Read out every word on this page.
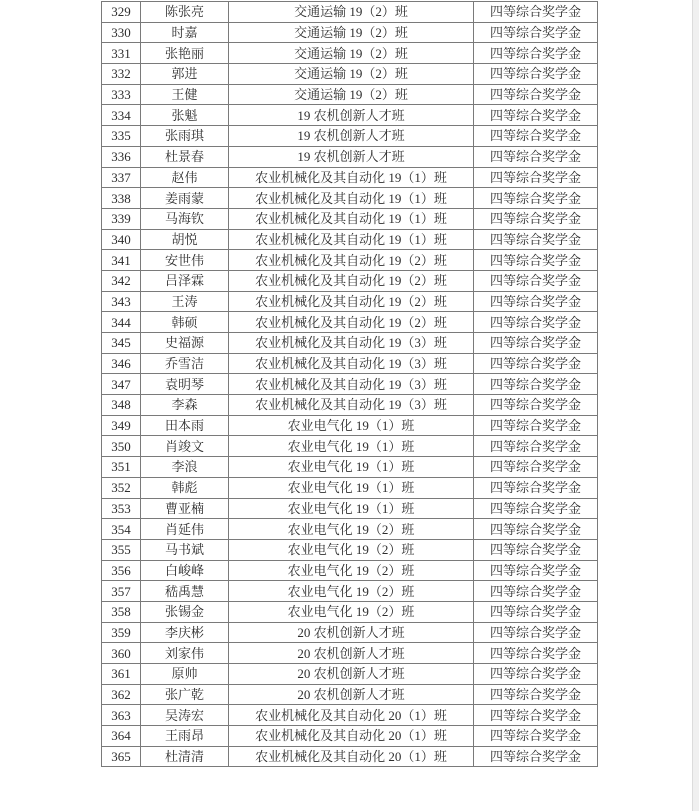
329	陈张亮	交通运输 19（2）班	四等综合奖学金
330	时嘉	交通运输 19（2）班	四等综合奖学金
331	张艳丽	交通运输 19（2）班	四等综合奖学金
332	郭进	交通运输 19（2）班	四等综合奖学金
333	王健	交通运输 19（2）班	四等综合奖学金
334	张魁	19 农机创新人才班	四等综合奖学金
335	张雨琪	19 农机创新人才班	四等综合奖学金
336	杜景春	19 农机创新人才班	四等综合奖学金
337	赵伟	农业机械化及其自动化 19（1）班	四等综合奖学金
338	姜雨蒙	农业机械化及其自动化 19（1）班	四等综合奖学金
339	马海钦	农业机械化及其自动化 19（1）班	四等综合奖学金
340	胡悦	农业机械化及其自动化 19（1）班	四等综合奖学金
341	安世伟	农业机械化及其自动化 19（2）班	四等综合奖学金
342	吕泽霖	农业机械化及其自动化 19（2）班	四等综合奖学金
343	王涛	农业机械化及其自动化 19（2）班	四等综合奖学金
344	韩硕	农业机械化及其自动化 19（2）班	四等综合奖学金
345	史福源	农业机械化及其自动化 19（3）班	四等综合奖学金
346	乔雪洁	农业机械化及其自动化 19（3）班	四等综合奖学金
347	袁明琴	农业机械化及其自动化 19（3）班	四等综合奖学金
348	李森	农业机械化及其自动化 19（3）班	四等综合奖学金
349	田本雨	农业电气化 19（1）班	四等综合奖学金
350	肖竣文	农业电气化 19（1）班	四等综合奖学金
351	李浪	农业电气化 19（1）班	四等综合奖学金
352	韩彪	农业电气化 19（1）班	四等综合奖学金
353	曹亚楠	农业电气化 19（1）班	四等综合奖学金
354	肖延伟	农业电气化 19（2）班	四等综合奖学金
355	马书斌	农业电气化 19（2）班	四等综合奖学金
356	白峻峰	农业电气化 19（2）班	四等综合奖学金
357	嵇禹慧	农业电气化 19（2）班	四等综合奖学金
358	张锡金	农业电气化 19（2）班	四等综合奖学金
359	李庆彬	20 农机创新人才班	四等综合奖学金
360	刘家伟	20 农机创新人才班	四等综合奖学金
361	原帅	20 农机创新人才班	四等综合奖学金
362	张广乾	20 农机创新人才班	四等综合奖学金
363	吴涛宏	农业机械化及其自动化 20（1）班	四等综合奖学金
364	王雨昂	农业机械化及其自动化 20（1）班	四等综合奖学金
365	杜清清	农业机械化及其自动化 20（1）班	四等综合奖学金
